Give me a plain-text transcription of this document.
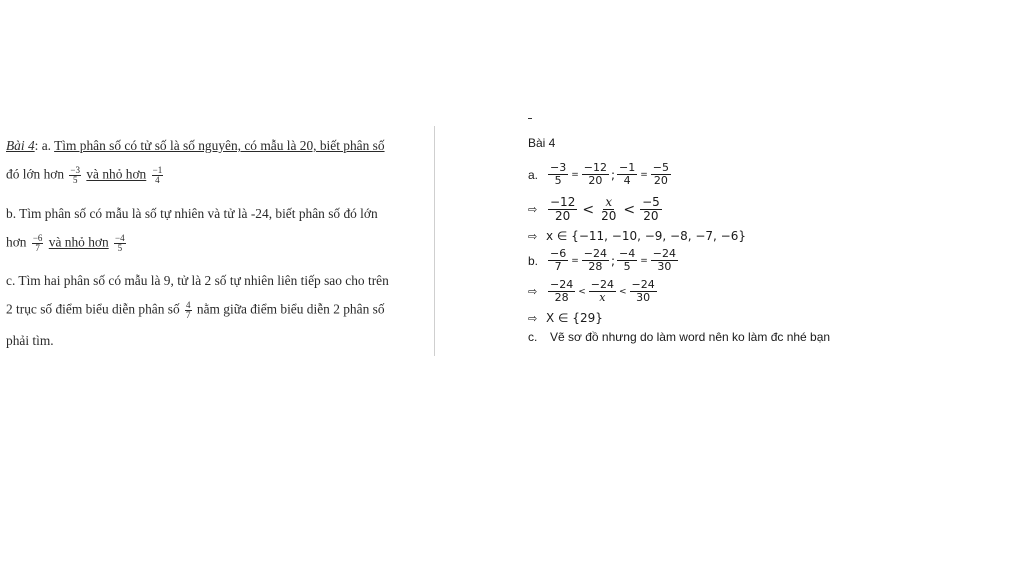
Bài 4: a. Tìm phân số có tử số là số nguyên, có mẫu là 20, biết phân số
đó lớn hơn $\frac{-3}{5}$ và nhỏ hơn $\frac{-1}{4}$
b. Tìm phân số có mẫu là số tự nhiên và tử là -24, biết phân số đó lớn
hơn $\frac{-6}{7}$ và nhỏ hơn $\frac{-4}{5}$
c. Tìm hai phân số có mẫu là 9, tử là 2 số tự nhiên liên tiếp sao cho trên
2 trục số điểm biểu diễn phân số $\frac{4}{7}$ nằm giữa điểm biểu diễn 2 phân số
phải tìm.
Bài 4
a. $\frac{-3}{5} = \frac{-12}{20}$ ; $\frac{-1}{4} = \frac{-5}{20}$
⇨
−12
20 < x
20 < −5
20
⇨ x ∈ {−11, −10, −9, −8, −7, −6}
b. $\frac{-6}{7} = \frac{-24}{28}$ ; $\frac{-4}{5} = \frac{-24}{30}$
⇨
−24
28 <
−24
x <
−24
30
⇨ X ∈ {29}
c.	Vẽ sơ đồ nhưng do làm word nên ko làm đc nhé bạn
